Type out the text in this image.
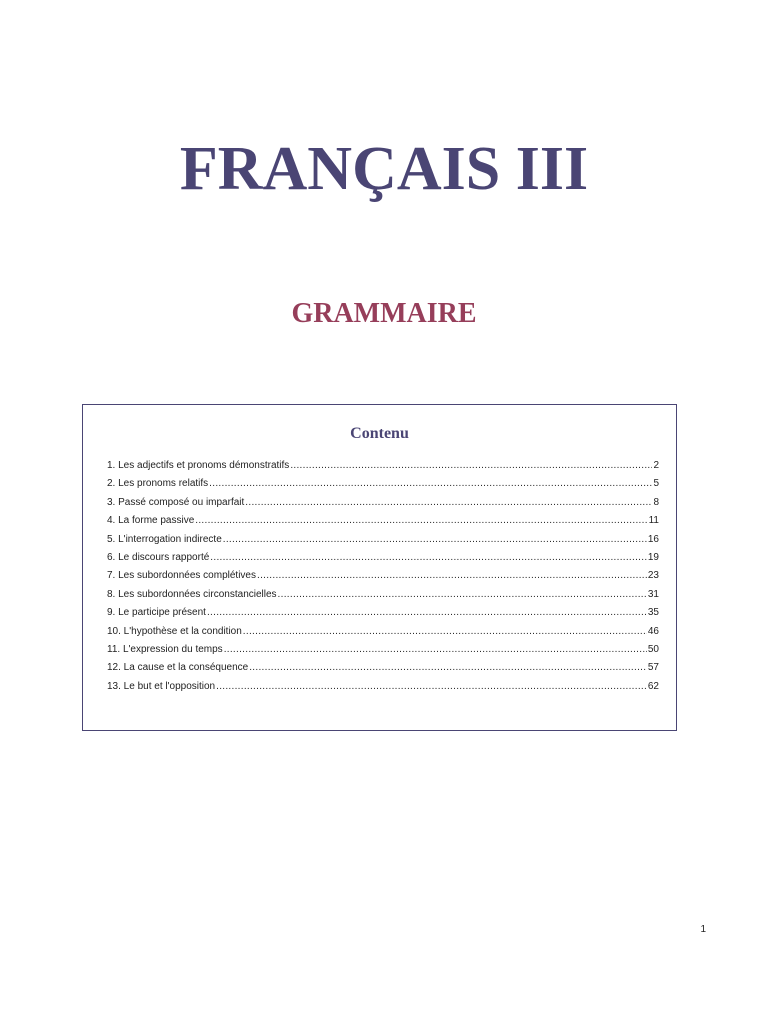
FRANÇAIS III
GRAMMAIRE
Contenu
1. Les adjectifs et pronoms démonstratifs .....	2
2. Les pronoms relatifs .....	5
3. Passé composé ou imparfait .....	8
4. La forme passive .....	11
5. L'interrogation indirecte .....	16
6. Le discours rapporté .....	19
7. Les subordonnées complétives .....	23
8. Les subordonnées circonstancielles .....	31
9. Le participe présent .....	35
10. L'hypothèse et la condition .....	46
11. L'expression du temps .....	50
12. La cause et la conséquence .....	57
13. Le but et l'opposition .....	62
1
